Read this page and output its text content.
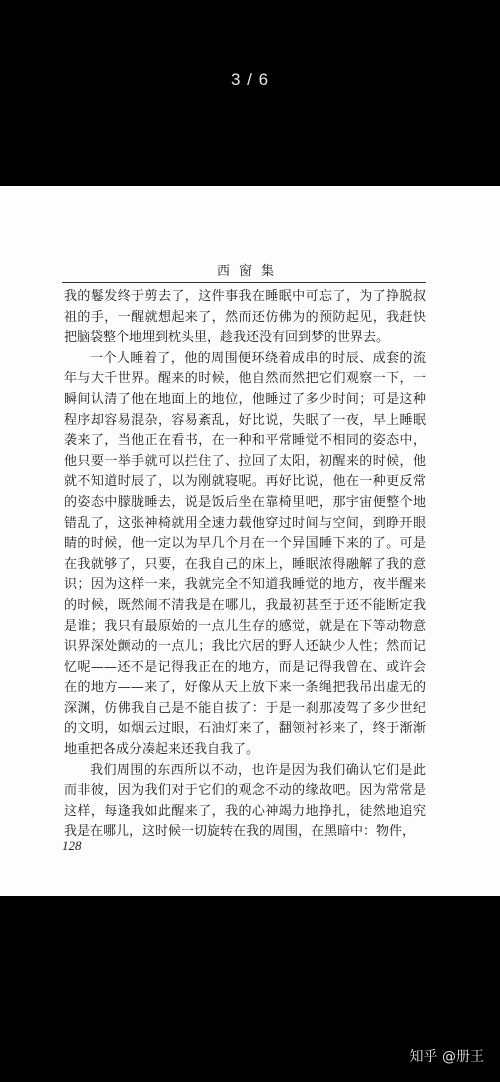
3 / 6
西窗集

我的鬈发终于剪去了，这件事我在睡眠中可忘了，为了挣脱叔祖的手，一醒就想起来了，然而还仿佛为的预防起见，我赶快把脑袋整个地埋到枕头里，趁我还没有回到梦的世界去。

一个人睡着了，他的周围便环绕着成串的时辰、成套的流年与大千世界。醒来的时候，他自然而然把它们观察一下，一瞬间认清了他在地面上的地位，他睡过了多少时间；可是这种程序却容易混杂，容易紊乱，好比说，失眠了一夜，早上睡眠袭来了，当他正在看书，在一种和平常睡觉不相同的姿态中，他只要一举手就可以拦住了、拉回了太阳，初醒来的时候，他就不知道时辰了，以为刚就寝呢。再好比说，他在一种更反常的姿态中朦胧睡去，说是饭后坐在靠椅里吧，那宇宙便整个地错乱了，这张神椅就用全速力载他穿过时间与空间，到睁开眼睛的时候，他一定以为早几个月在一个异国睡下来的了。可是在我就够了，只要，在我自己的床上，睡眠浓得融解了我的意识；因为这样一来，我就完全不知道我睡觉的地方，夜半醒来的时候，既然闹不清我是在哪儿，我最初甚至于还不能断定我是谁；我只有最原始的一点儿生存的感觉，就是在下等动物意识界深处颤动的一点儿；我比穴居的野人还缺少人性；然而记忆呢——还不是记得我正在的地方，而是记得我曾在、或许会在的地方——来了，好像从天上放下来一条绳把我吊出虚无的深渊，仿佛我自己是不能自拔了：于是一刹那凌驾了多少世纪的文明，如烟云过眼，石油灯来了，翻领衬衫来了，终于渐渐地重把各成分凑起来还我自我了。

我们周围的东西所以不动，也许是因为我们确认它们是此而非彼，因为我们对于它们的观念不动的缘故吧。因为常常是这样，每逢我如此醒来了，我的心神竭力地挣扎，徒然地追究我是在哪儿，这时候一切旋转在我的周围，在黑暗中：物件，

128
知乎 @册王
